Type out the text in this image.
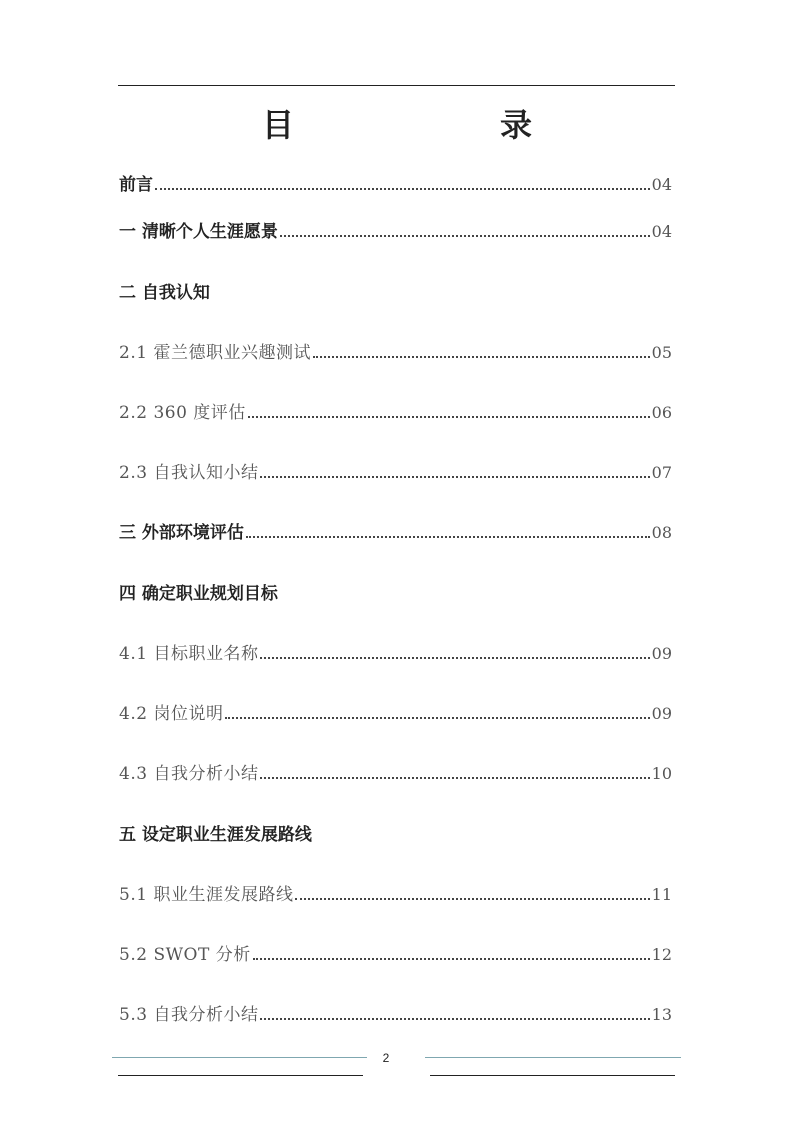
目	录
前言	04
一 清晰个人生涯愿景	04
二 自我认知
2.1 霍兰德职业兴趣测试	05
2.2 360 度评估	06
2.3 自我认知小结	07
三 外部环境评估	08
四 确定职业规划目标
4.1 目标职业名称	09
4.2 岗位说明	09
4.3 自我分析小结	10
五 设定职业生涯发展路线
5.1 职业生涯发展路线	11
5.2 SWOT 分析	12
5.3 自我分析小结	13
2
